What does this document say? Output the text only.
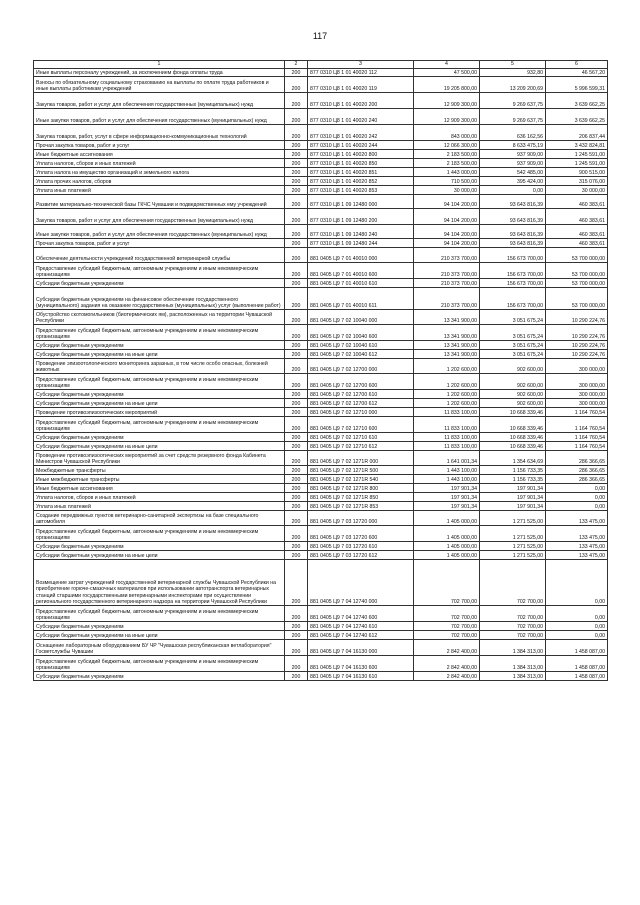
117
1	2	3	4	5	6
Иные выплаты персоналу учреждений, за исключением фонда оплаты труда	200	877 0310 Ц8 1 01 40020 112	47 500,00	932,80	46 567,20
Взносы по обязательному социальному страхованию на выплаты по оплате труда работников и иные выплаты работникам учреждений	200	877 0310 Ц8 1 01 40020 119	19 205 800,00	13 209 200,69	5 996 599,31
Закупка товаров, работ и услуг для обеспечения государственных (муниципальных) нужд	200	877 0310 Ц8 1 01 40020 200	12 909 300,00	9 269 637,75	3 639 662,25
Иные закупки товаров, работ и услуг для обеспечения государственных (муниципальных) нужд	200	877 0310 Ц8 1 01 40020 240	12 909 300,00	9 269 637,75	3 639 662,25
Закупка товаров, работ, услуг в сфере информационно-коммуникационных технологий	200	877 0310 Ц8 1 01 40020 242	843 000,00	636 162,56	206 837,44
Прочая закупка товаров, работ и услуг	200	877 0310 Ц8 1 01 40020 244	12 066 300,00	8 633 475,19	3 432 824,81
Иные бюджетные ассигнования	200	877 0310 Ц8 1 01 40020 800	2 183 500,00	937 909,00	1 245 591,00
Уплата налогов, сборов и иных платежей	200	877 0310 Ц8 1 01 40020 850	2 183 500,00	937 909,00	1 245 591,00
Уплата налога на имущество организаций и земельного налога	200	877 0310 Ц8 1 01 40020 851	1 443 000,00	542 485,00	900 515,00
Уплата прочих налогов, сборов	200	877 0310 Ц8 1 01 40020 852	710 500,00	395 424,00	315 076,00
Уплата иных платежей	200	877 0310 Ц8 1 01 40020 853	30 000,00	0,00	30 000,00
Развитие материально-технической базы ГКЧС Чувашии и подведомственных ему учреждений	200	877 0310 Ц8 1 09 12480 000	94 104 200,00	93 643 816,39	460 383,61
Закупка товаров, работ и услуг для обеспечения государственных (муниципальных) нужд	200	877 0310 Ц8 1 09 12480 200	94 104 200,00	93 643 816,39	460 383,61
Иные закупки товаров, работ и услуг для обеспечения государственных (муниципальных) нужд	200	877 0310 Ц8 1 09 12480 240	94 104 200,00	93 643 816,39	460 383,61
Прочая закупка товаров, работ и услуг	200	877 0310 Ц8 1 09 12480 244	94 104 200,00	93 643 816,39	460 383,61
Обеспечение деятельности учреждений государственной ветеринарной службы	200	881 0405 Ц9 7 01 40010 000	210 373 700,00	156 673 700,00	53 700 000,00
Предоставление субсидий бюджетным, автономным учреждениям и иным некоммерческим организациям	200	881 0405 Ц9 7 01 40010 600	210 373 700,00	156 673 700,00	53 700 000,00
Субсидии бюджетным учреждениям	200	881 0405 Ц9 7 01 40010 610	210 373 700,00	156 673 700,00	53 700 000,00
Субсидии бюджетным учреждениям на финансовое обеспечение государственного (муниципального) задания на оказание государственных (муниципальных) услуг (выполнение работ)	200	881 0405 Ц9 7 01 40010 611	210 373 700,00	156 673 700,00	53 700 000,00
Обустройство скотомогильников (биотермических ям), расположенных на территории Чувашской Республики	200	881 0405 Ц9 7 02 10040 000	13 341 900,00	3 051 675,24	10 290 224,76
Предоставление субсидий бюджетным, автономным учреждениям и иным некоммерческим организациям	200	881 0405 Ц9 7 02 10040 600	13 341 900,00	3 051 675,24	10 290 224,76
Субсидии бюджетным учреждениям	200	881 0405 Ц9 7 02 10040 610	13 341 900,00	3 051 675,24	10 290 224,76
Субсидии бюджетным учреждениям на иные цели	200	881 0405 Ц9 7 02 10040 612	13 341 900,00	3 051 675,24	10 290 224,76
Проведение эпизоотологического мониторинга заразных, в том числе особо опасных, болезней животных	200	881 0405 Ц9 7 02 12700 000	1 202 600,00	902 600,00	300 000,00
Предоставление субсидий бюджетным, автономным учреждениям и иным некоммерческим организациям	200	881 0405 Ц9 7 02 12700 600	1 202 600,00	902 600,00	300 000,00
Субсидии бюджетным учреждениям	200	881 0405 Ц9 7 02 12700 610	1 202 600,00	902 600,00	300 000,00
Субсидии бюджетным учреждениям на иные цели	200	881 0405 Ц9 7 02 12700 612	1 202 600,00	902 600,00	300 000,00
Проведение противоэпизоотических мероприятий	200	881 0405 Ц9 7 02 12710 000	11 833 100,00	10 668 339,46	1 164 760,54
Предоставление субсидий бюджетным, автономным учреждениям и иным некоммерческим организациям	200	881 0405 Ц9 7 02 12710 600	11 833 100,00	10 668 339,46	1 164 760,54
Субсидии бюджетным учреждениям	200	881 0405 Ц9 7 02 12710 610	11 833 100,00	10 668 339,46	1 164 760,54
Субсидии бюджетным учреждениям на иные цели	200	881 0405 Ц9 7 02 12710 612	11 833 100,00	10 668 339,46	1 164 760,54
Проведение противоэпизоотических мероприятий за счет средств резервного фонда Кабинета Министров Чувашской Республики	200	881 0405 Ц9 7 02 1271R 000	1 641 001,34	1 354 634,69	286 366,65
Межбюджетные трансферты	200	881 0405 Ц9 7 02 1271R 500	1 443 100,00	1 156 733,35	286 366,65
Иные межбюджетные трансферты	200	881 0405 Ц9 7 02 1271R 540	1 443 100,00	1 156 733,35	286 366,65
Иные бюджетные ассигнования	200	881 0405 Ц9 7 02 1271R 800	197 901,34	197 901,34	0,00
Уплата налогов, сборов и иных платежей	200	881 0405 Ц9 7 02 1271R 850	197 901,34	197 901,34	0,00
Уплата иных платежей	200	881 0405 Ц9 7 02 1271R 853	197 901,34	197 901,34	0,00
Создание передвижных пунктов ветеринарно-санитарной экспертизы на базе специального автомобиля	200	881 0405 Ц9 7 03 12720 000	1 405 000,00	1 271 525,00	133 475,00
Предоставление субсидий бюджетным, автономным учреждениям и иным некоммерческим организациям	200	881 0405 Ц9 7 03 12720 600	1 405 000,00	1 271 525,00	133 475,00
Субсидии бюджетным учреждениям	200	881 0405 Ц9 7 03 12720 610	1 405 000,00	1 271 525,00	133 475,00
Субсидии бюджетным учреждениям на иные цели	200	881 0405 Ц9 7 03 12720 612	1 405 000,00	1 271 525,00	133 475,00
Возмещение затрат учреждений государственной ветеринарной службы Чувашской Республики на приобретение горюче-смазочных материалов при использовании автотранспорта ветеринарных станций старшими государственными ветеринарными инспекторами при осуществлении регионального государственного ветеринарного надзора на территории Чувашской Республики	200	881 0405 Ц9 7 04 12740 000	702 700,00	702 700,00	0,00
Предоставление субсидий бюджетным, автономным учреждениям и иным некоммерческим организациям	200	881 0405 Ц9 7 04 12740 600	702 700,00	702 700,00	0,00
Субсидии бюджетным учреждениям	200	881 0405 Ц9 7 04 12740 610	702 700,00	702 700,00	0,00
Субсидии бюджетным учреждениям на иные цели	200	881 0405 Ц9 7 04 12740 612	702 700,00	702 700,00	0,00
Оснащение лабораторным оборудованием БУ ЧР "Чувашская республиканская ветлаборатория" Госветслужбы Чувашии	200	881 0405 Ц9 7 04 16130 000	2 842 400,00	1 384 313,00	1 458 087,00
Предоставление субсидий бюджетным, автономным учреждениям и иным некоммерческим организациям	200	881 0405 Ц9 7 04 16130 600	2 842 400,00	1 384 313,00	1 458 087,00
Субсидии бюджетным учреждениям	200	881 0405 Ц9 7 04 16130 610	2 842 400,00	1 384 313,00	1 458 087,00
